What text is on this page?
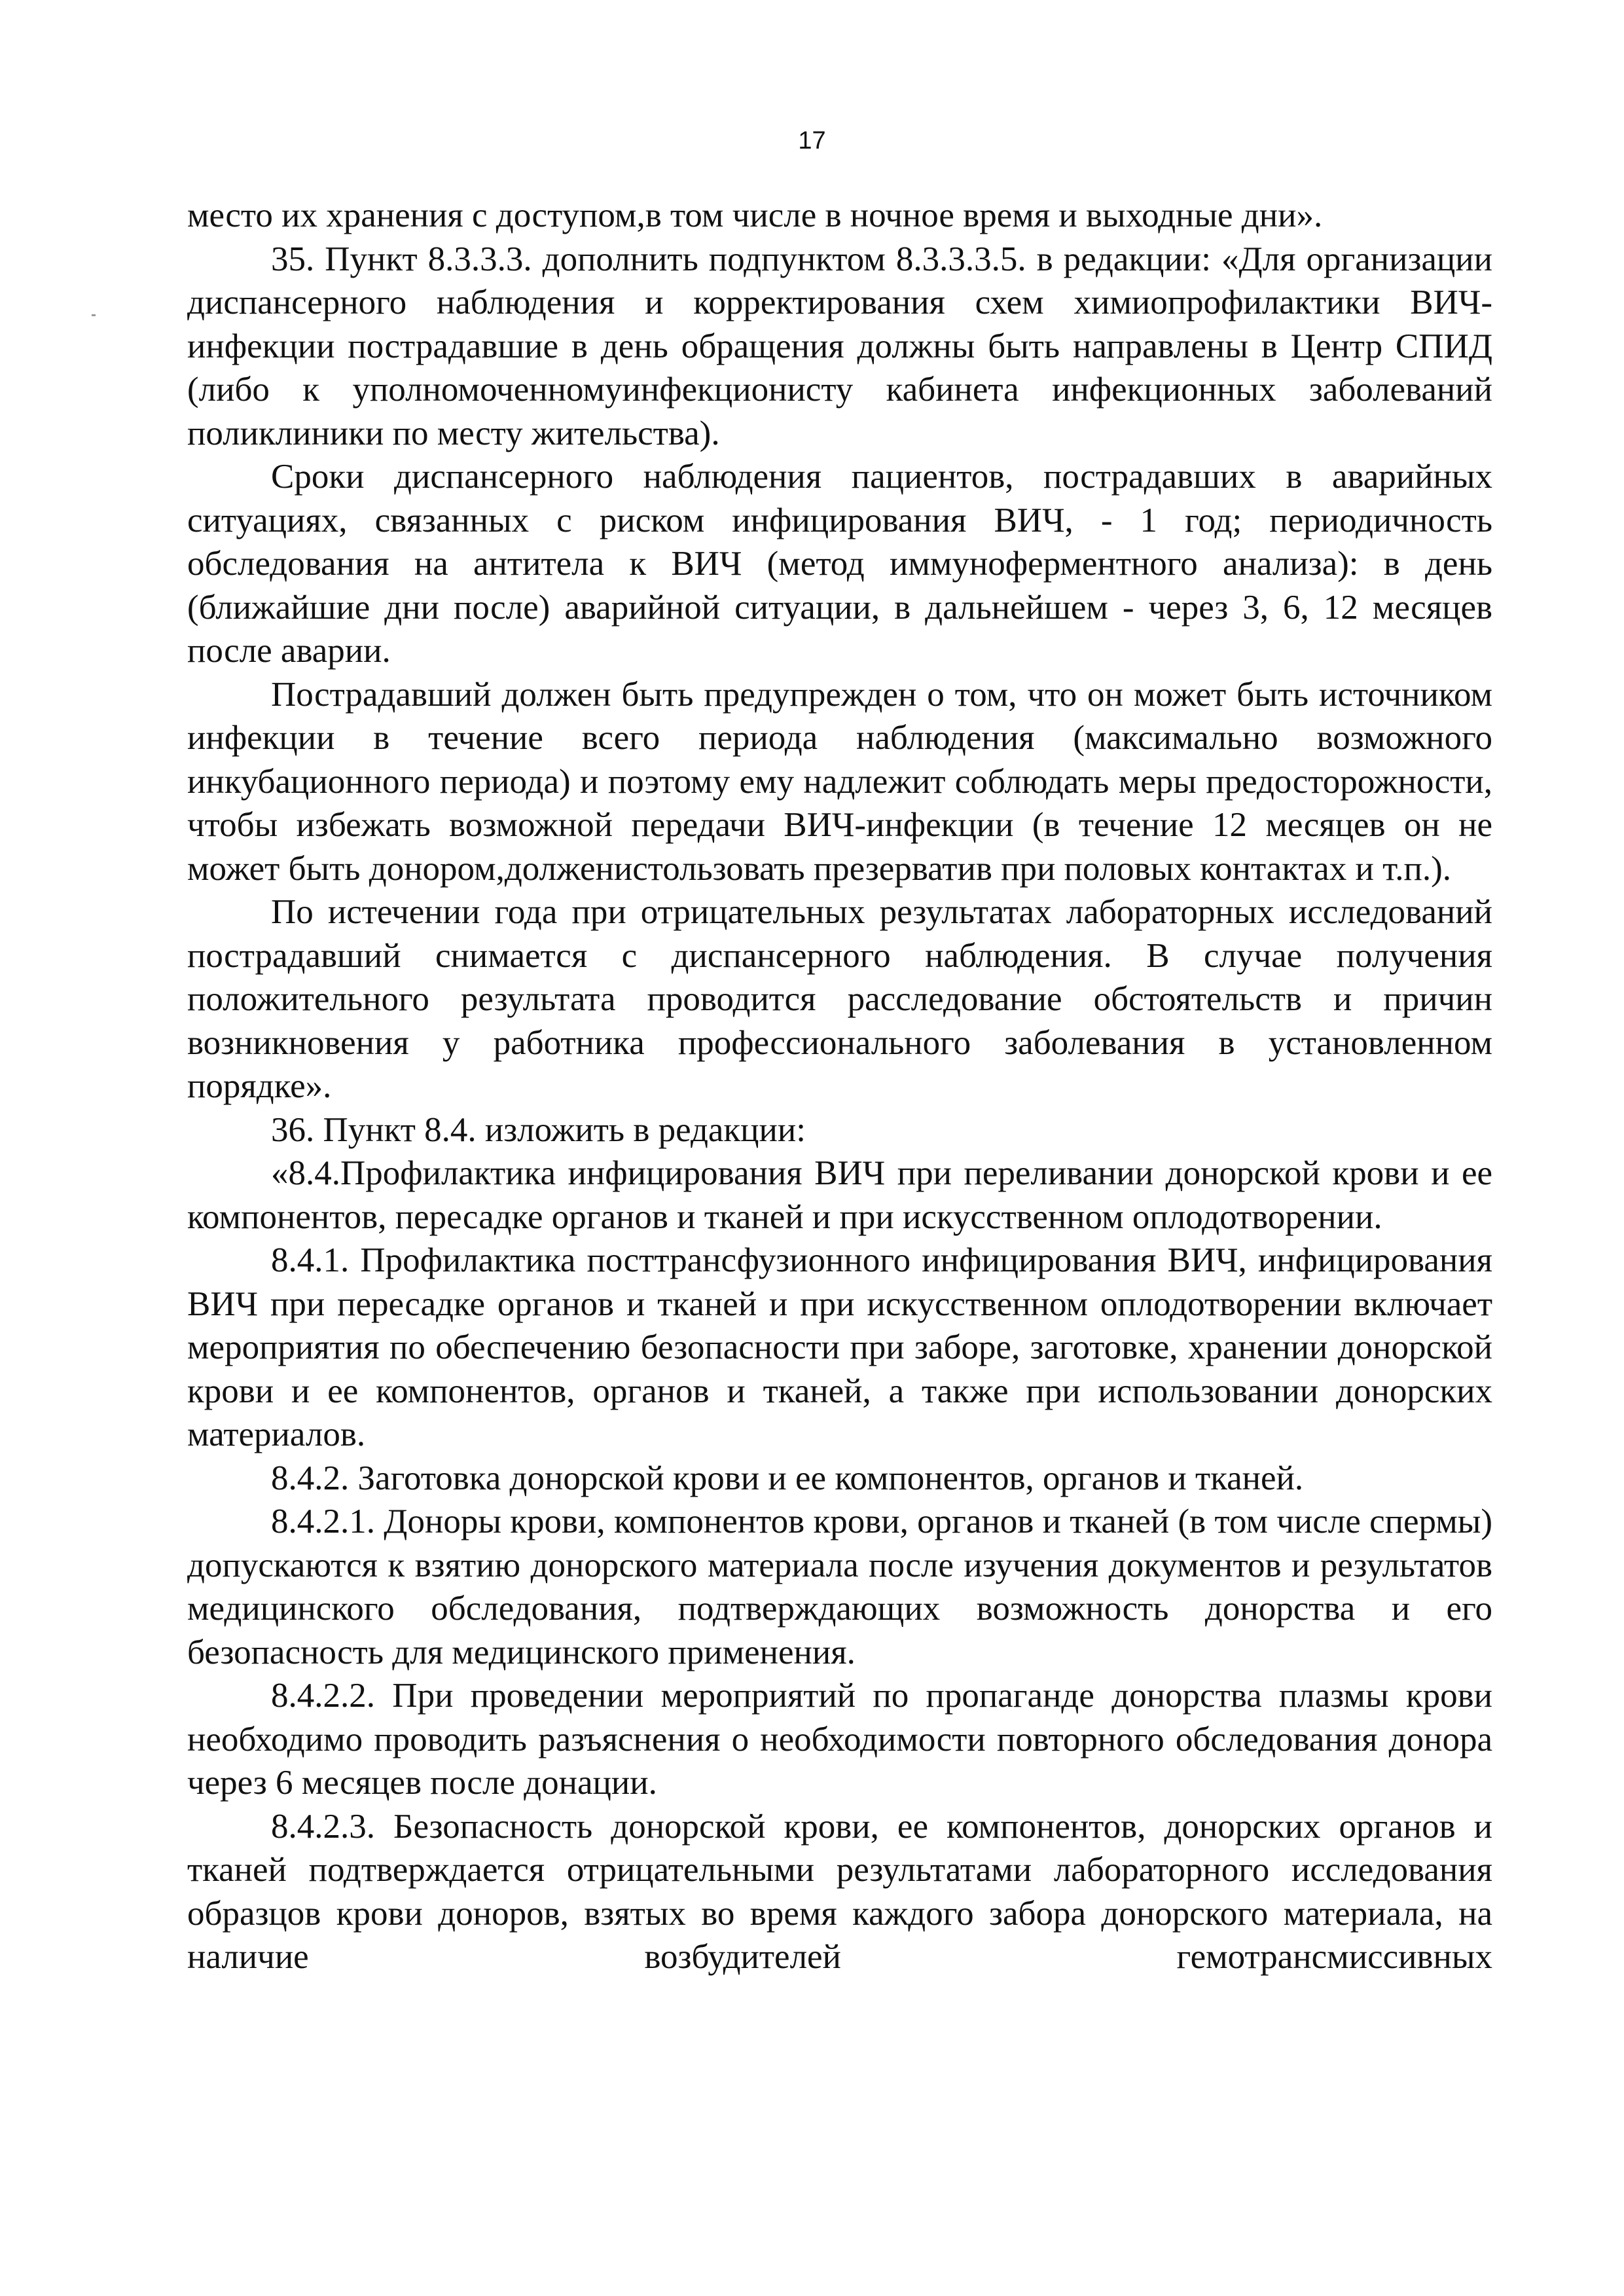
17

место их хранения с доступом,в том числе в ночное время и выходные дни».

35. Пункт 8.3.3.3. дополнить подпунктом 8.3.3.3.5. в редакции: «Для организации диспансерного наблюдения и корректирования схем химиопрофилактики ВИЧ-инфекции пострадавшие в день обращения должны быть направлены в Центр СПИД (либо к уполномоченномуинфекционисту кабинета инфекционных заболеваний поликлиники по месту жительства).

Сроки диспансерного наблюдения пациентов, пострадавших в аварийных ситуациях, связанных с риском инфицирования ВИЧ, - 1 год; периодичность обследования на антитела к ВИЧ (метод иммуноферментного анализа): в день (ближайшие дни после) аварийной ситуации, в дальнейшем - через 3, 6, 12 месяцев после аварии.

Пострадавший должен быть предупрежден о том, что он может быть источником инфекции в течение всего периода наблюдения (максимально возможного инкубационного периода) и поэтому ему надлежит соблюдать меры предосторожности, чтобы избежать возможной передачи ВИЧ-инфекции (в течение 12 месяцев он не может быть донором,долженистользовать презерватив при половых контактах и т.п.).

По истечении года при отрицательных результатах лабораторных исследований пострадавший снимается с диспансерного наблюдения. В случае получения положительного результата проводится расследование обстоятельств и причин возникновения у работника профессионального заболевания в установленном порядке».

36. Пункт 8.4. изложить в редакции:

«8.4.Профилактика инфицирования ВИЧ при переливании донорской крови и ее компонентов, пересадке органов и тканей и при искусственном оплодотворении.

8.4.1. Профилактика посттрансфузионного инфицирования ВИЧ, инфицирования ВИЧ при пересадке органов и тканей и при искусственном оплодотворении включает мероприятия по обеспечению безопасности при заборе, заготовке, хранении донорской крови и ее компонентов, органов и тканей, а также при использовании донорских материалов.

8.4.2. Заготовка донорской крови и ее компонентов, органов и тканей.

8.4.2.1. Доноры крови, компонентов крови, органов и тканей (в том числе спермы) допускаются к взятию донорского материала после изучения документов и результатов медицинского обследования, подтверждающих возможность донорства и его безопасность для медицинского применения.

8.4.2.2. При проведении мероприятий по пропаганде донорства плазмы крови необходимо проводить разъяснения о необходимости повторного обследования донора через 6 месяцев после донации.

8.4.2.3. Безопасность донорской крови, ее компонентов, донорских органов и тканей подтверждается отрицательными результатами лабораторного исследования образцов крови доноров, взятых во время каждого забора донорского материала, на наличие возбудителей гемотрансмиссивных
